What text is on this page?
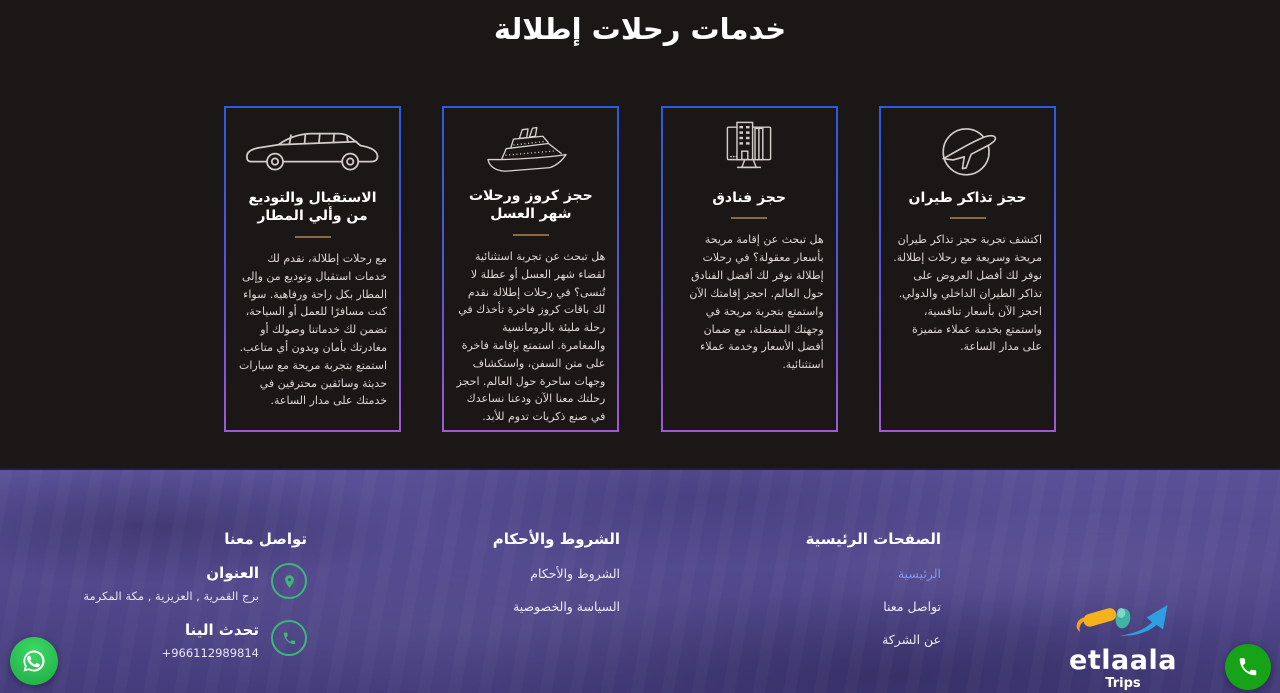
خدمات رحلات إطلالة
حجز تذاكر طيران

اكتشف تجربة حجز تذاكر طيران مريحة وسريعة مع رحلات إطلالة. نوفر لك أفضل العروض على تذاكر الطيران الداخلي والدولي. احجز الآن بأسعار تنافسية، واستمتع بخدمة عملاء متميزة على مدار الساعة.

حجز فنادق

هل تبحث عن إقامة مريحة بأسعار معقولة؟ في رحلات إطلالة نوفر لك أفضل الفنادق حول العالم. احجز إقامتك الآن واستمتع بتجربة مريحة في وجهتك المفضلة، مع ضمان أفضل الأسعار وخدمة عملاء استثنائية.

حجز كروز ورحلات شهر العسل

هل تبحث عن تجربة استثنائية لقضاء شهر العسل أو عطلة لا تُنسى؟ في رحلات إطلالة نقدم لك باقات كروز فاخرة تأخذك في رحلة مليئة بالرومانسية والمغامرة. استمتع بإقامة فاخرة على متن السفن، واستكشاف وجهات ساحرة حول العالم. احجز رحلتك معنا الآن ودعنا نساعدك في صنع ذكريات تدوم للأبد.

الاستقبال والتوديع من وألي المطار

مع رحلات إطلالة، نقدم لك خدمات استقبال وتوديع من وإلى المطار بكل راحة ورفاهية. سواء كنت مسافرًا للعمل أو السياحة، تضمن لك خدماتنا وصولك أو مغادرتك بأمان وبدون أي متاعب. استمتع بتجربة مريحة مع سيارات حديثة وسائقين محترفين في خدمتك على مدار الساعة.

الصفحات الرئيسية
الرئيسية
تواصل معنا
عن الشركة
الشروط والأحكام
الشروط والأحكام
السياسة والخصوصية
تواصل معنا
العنوان
برج القمرية , العزيزية , مكة المكرمة
تحدث الينا
+966112989814	etlaala
Trips
